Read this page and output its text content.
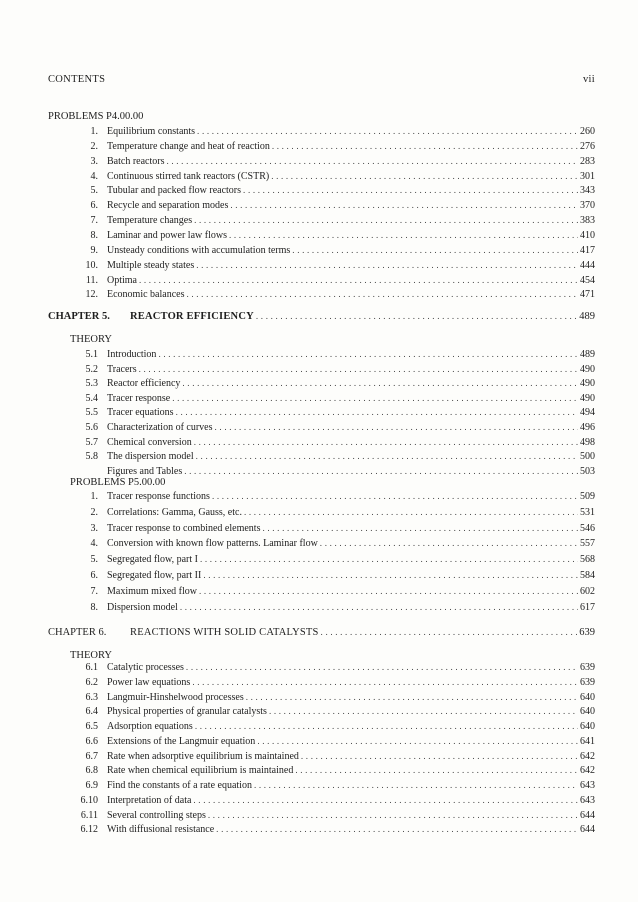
CONTENTS	vii
PROBLEMS P4.00.00
1. Equilibrium constants . . .	260
2. Temperature change and heat of reaction . . .	276
3. Batch reactors . . .	283
4. Continuous stirred tank reactors (CSTR) . . .	301
5. Tubular and packed flow reactors . . .	343
6. Recycle and separation modes . . .	370
7. Temperature changes . . .	383
8. Laminar and power law flows . . .	410
9. Unsteady conditions with accumulation terms . . .	417
10. Multiple steady states . . .	444
11. Optima . . .	454
12. Economic balances . . .	471
CHAPTER 5.	REACTOR EFFICIENCY . . .	489
THEORY
5.1 Introduction . . .	489
5.2 Tracers . . .	490
5.3 Reactor efficiency . . .	490
5.4 Tracer response . . .	490
5.5 Tracer equations . . .	494
5.6 Characterization of curves . . .	496
5.7 Chemical conversion . . .	498
5.8 The dispersion model . . .	500
Figures and Tables . . .	503
PROBLEMS P5.00.00
1. Tracer response functions . . .	509
2. Correlations: Gamma, Gauss, etc. . . .	531
3. Tracer response to combined elements . . .	546
4. Conversion with known flow patterns. Laminar flow . . .	557
5. Segregated flow, part I . . .	568
6. Segregated flow, part II . . .	584
7. Maximum mixed flow . . .	602
8. Dispersion model . . .	617
CHAPTER 6.	REACTIONS WITH SOLID CATALYSTS . . .	639
THEORY
6.1 Catalytic processes . . .	639
6.2 Power law equations . . .	639
6.3 Langmuir-Hinshelwood processes . . .	640
6.4 Physical properties of granular catalysts . . .	640
6.5 Adsorption equations . . .	640
6.6 Extensions of the Langmuir equation . . .	641
6.7 Rate when adsorptive equilibrium is maintained . . .	642
6.8 Rate when chemical equilibrium is maintained . . .	642
6.9 Find the constants of a rate equation . . .	643
6.10 Interpretation of data . . .	643
6.11 Several controlling steps . . .	644
6.12 With diffusional resistance . . .	644
